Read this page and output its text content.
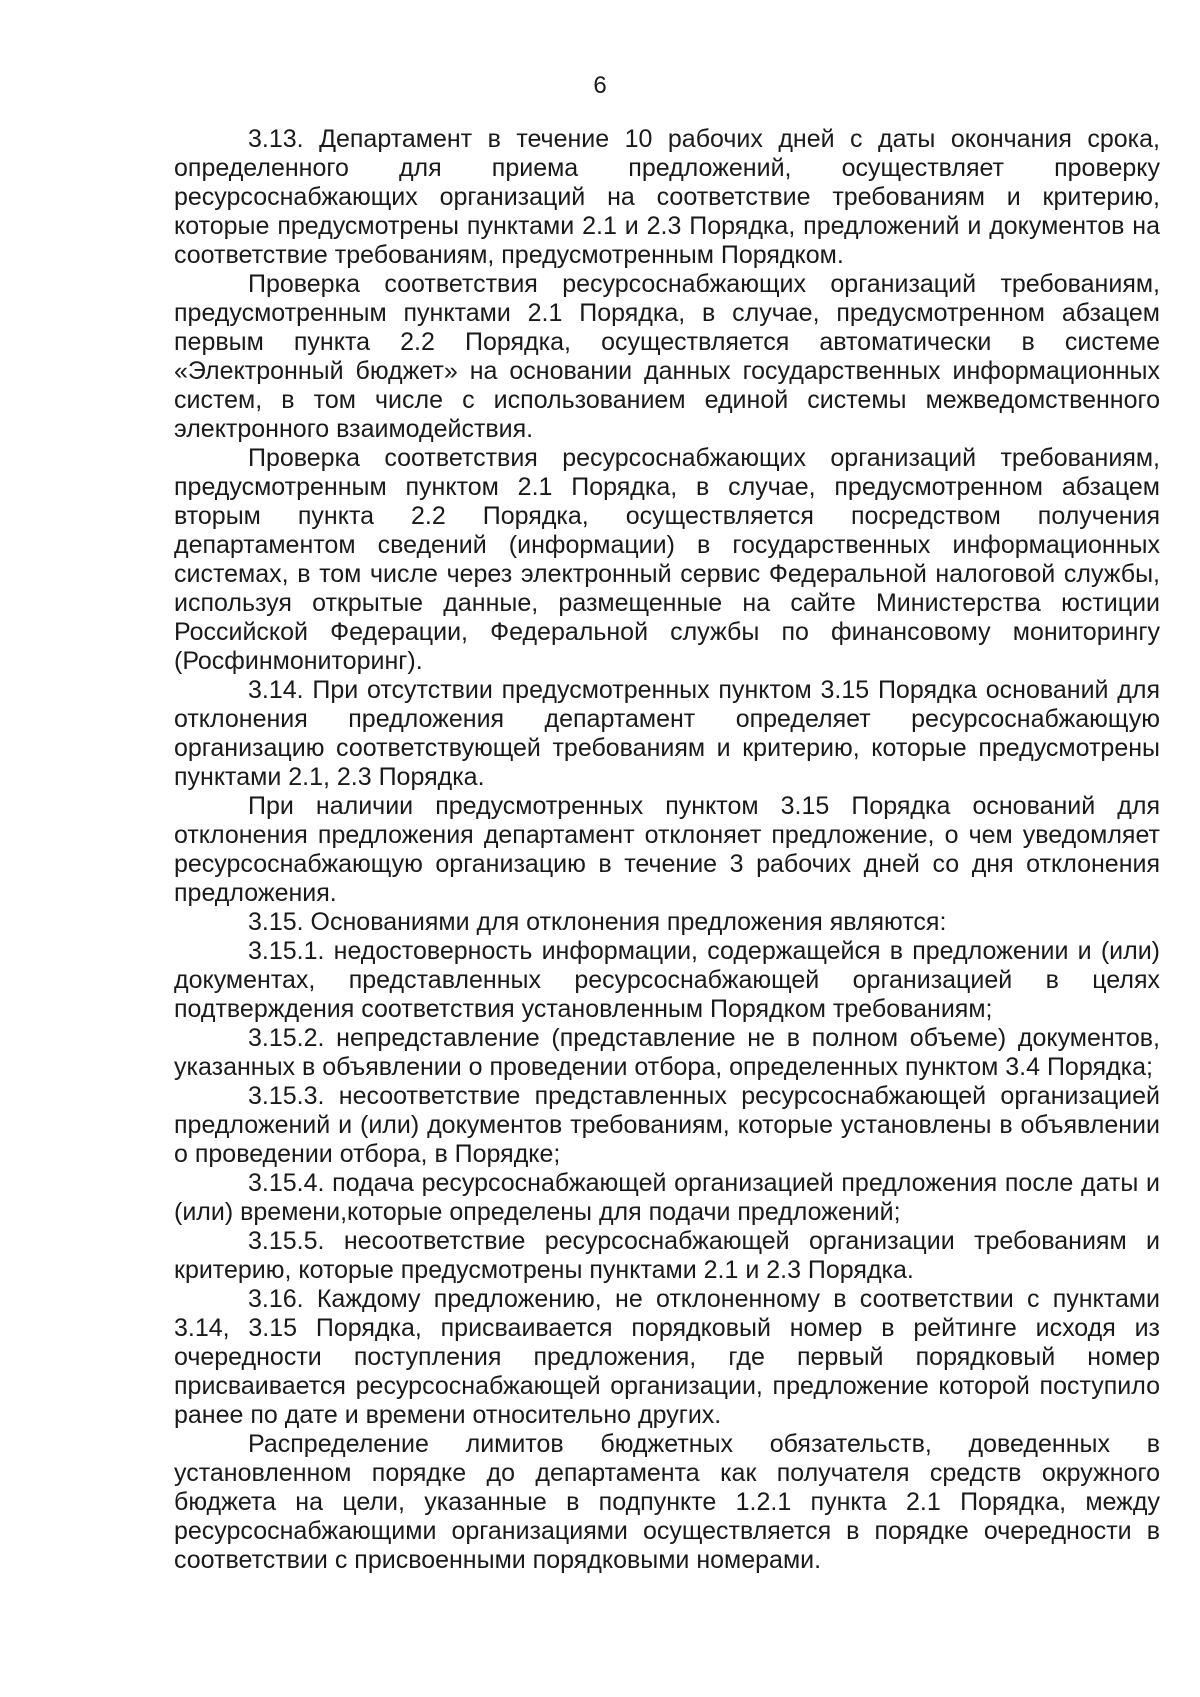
6

3.13. Департамент в течение 10 рабочих дней с даты окончания срока, определенного для приема предложений, осуществляет проверку ресурсоснабжающих организаций на соответствие требованиям и критерию, которые предусмотрены пунктами 2.1 и 2.3 Порядка, предложений и документов на соответствие требованиям, предусмотренным Порядком.

Проверка соответствия ресурсоснабжающих организаций требованиям, предусмотренным пунктами 2.1 Порядка, в случае, предусмотренном абзацем первым пункта 2.2 Порядка, осуществляется автоматически в системе «Электронный бюджет» на основании данных государственных информационных систем, в том числе с использованием единой системы межведомственного электронного взаимодействия.

Проверка соответствия ресурсоснабжающих организаций требованиям, предусмотренным пунктом 2.1 Порядка, в случае, предусмотренном абзацем вторым пункта 2.2 Порядка, осуществляется посредством получения департаментом сведений (информации) в государственных информационных системах, в том числе через электронный сервис Федеральной налоговой службы, используя открытые данные, размещенные на сайте Министерства юстиции Российской Федерации, Федеральной службы по финансовому мониторингу (Росфинмониторинг).

3.14. При отсутствии предусмотренных пунктом 3.15 Порядка оснований для отклонения предложения департамент определяет ресурсоснабжающую организацию соответствующей требованиям и критерию, которые предусмотрены пунктами 2.1, 2.3 Порядка.

При наличии предусмотренных пунктом 3.15 Порядка оснований для отклонения предложения департамент отклоняет предложение, о чем уведомляет ресурсоснабжающую организацию в течение 3 рабочих дней со дня отклонения предложения.

3.15. Основаниями для отклонения предложения являются:

3.15.1. недостоверность информации, содержащейся в предложении и (или) документах, представленных ресурсоснабжающей организацией в целях подтверждения соответствия установленным Порядком требованиям;

3.15.2. непредставление (представление не в полном объеме) документов, указанных в объявлении о проведении отбора, определенных пунктом 3.4 Порядка;

3.15.3. несоответствие представленных ресурсоснабжающей организацией предложений и (или) документов требованиям, которые установлены в объявлении о проведении отбора, в Порядке;

3.15.4. подача ресурсоснабжающей организацией предложения после даты и (или) времени,которые определены для подачи предложений;

3.15.5. несоответствие ресурсоснабжающей организации требованиям и критерию, которые предусмотрены пунктами 2.1 и 2.3 Порядка.

3.16. Каждому предложению, не отклоненному в соответствии с пунктами 3.14, 3.15 Порядка, присваивается порядковый номер в рейтинге исходя из очередности поступления предложения, где первый порядковый номер присваивается ресурсоснабжающей организации, предложение которой поступило ранее по дате и времени относительно других.

Распределение лимитов бюджетных обязательств, доведенных в установленном порядке до департамента как получателя средств окружного бюджета на цели, указанные в подпункте 1.2.1 пункта 2.1 Порядка, между ресурсоснабжающими организациями осуществляется в порядке очередности в соответствии с присвоенными порядковыми номерами.
